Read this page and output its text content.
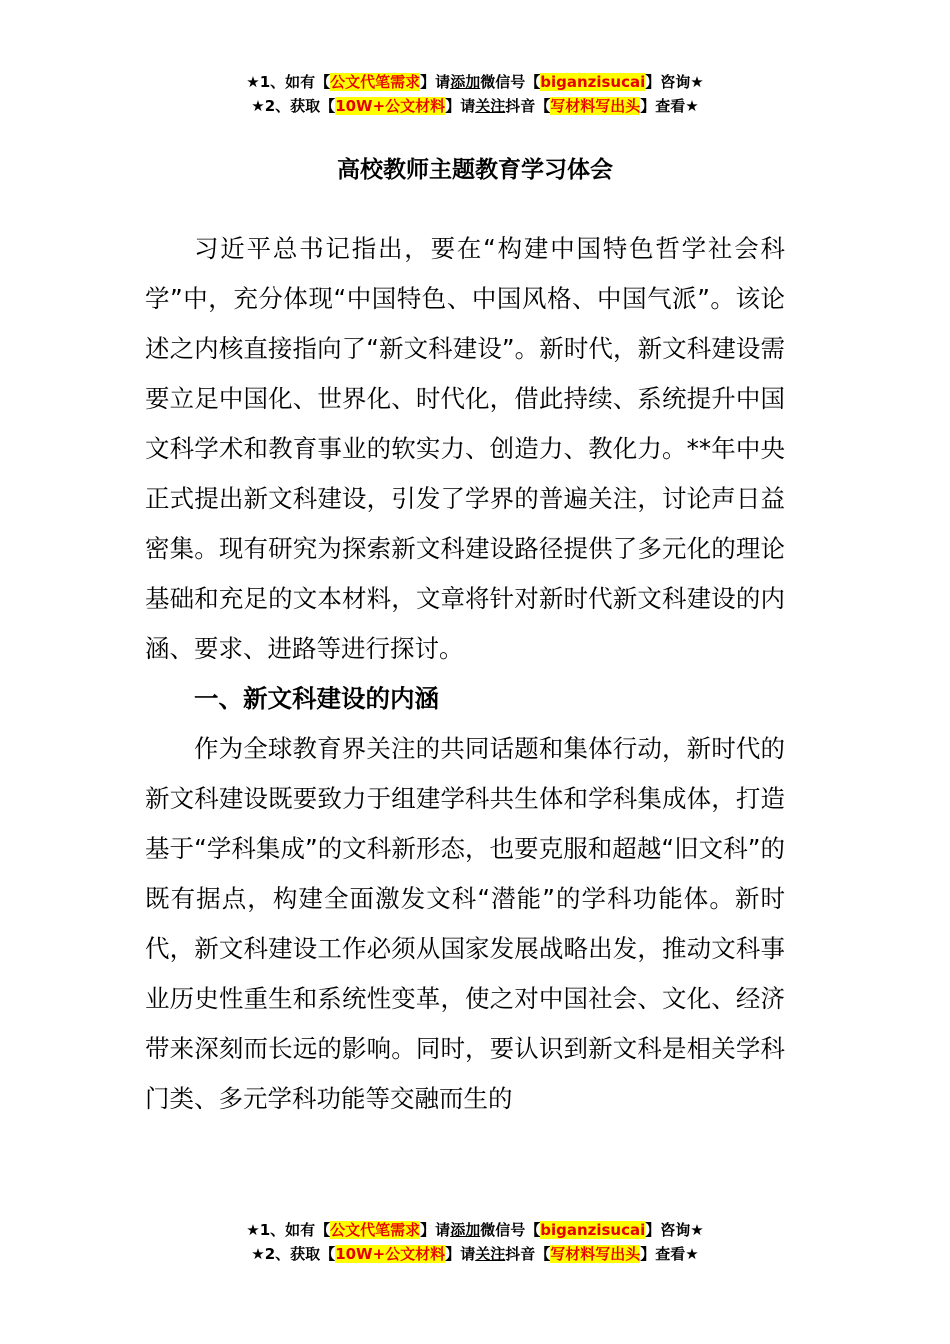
★1、如有【公文代笔需求】请添加微信号【biganzisucai】咨询★
★2、获取【10W+公文材料】请关注抖音【写材料写出头】查看★
高校教师主题教育学习体会

习近平总书记指出，要在“构建中国特色哲学社会科学”中，充分体现“中国特色、中国风格、中国气派”。该论述之内核直接指向了“新文科建设”。新时代，新文科建设需要立足中国化、世界化、时代化，借此持续、系统提升中国文科学术和教育事业的软实力、创造力、教化力。**年中央正式提出新文科建设，引发了学界的普遍关注，讨论声日益密集。现有研究为探索新文科建设路径提供了多元化的理论基础和充足的文本材料，文章将针对新时代新文科建设的内涵、要求、进路等进行探讨。

一、新文科建设的内涵

作为全球教育界关注的共同话题和集体行动，新时代的新文科建设既要致力于组建学科共生体和学科集成体，打造基于“学科集成”的文科新形态，也要克服和超越“旧文科”的既有据点，构建全面激发文科“潜能”的学科功能体。新时代，新文科建设工作必须从国家发展战略出发，推动文科事业历史性重生和系统性变革，使之对中国社会、文化、经济带来深刻而长远的影响。同时，要认识到新文科是相关学科门类、多元学科功能等交融而生的

★1、如有【公文代笔需求】请添加微信号【biganzisucai】咨询★
★2、获取【10W+公文材料】请关注抖音【写材料写出头】查看★
